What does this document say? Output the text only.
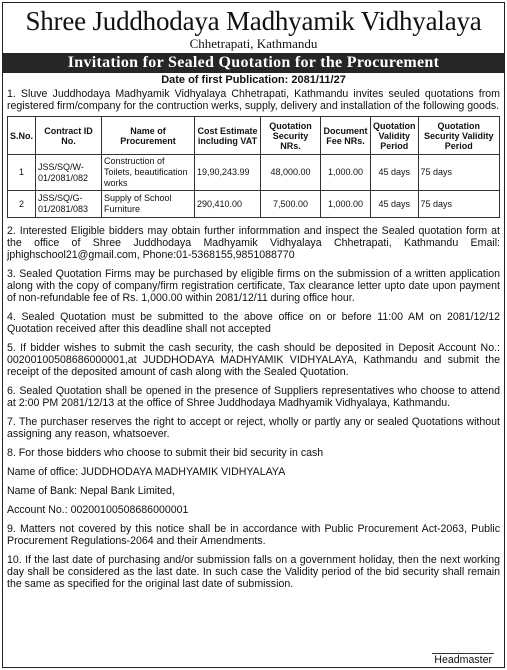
Shree Juddhodaya Madhyamik Vidhyalaya
Chhetrapati, Kathmandu
Invitation for Sealed Quotation for the Procurement
Date of first Publication: 2081/11/27

1. Sluve Juddhodaya Madhyamik Vidhyalaya Chhetrapati, Kathmandu invites seuled quotations from registered firm/company for the contruction werks, supply, delivery and installation of the following goods.

S.No.	Contract ID No.	Name of Procurement	Cost Estimate including VAT	Quotation Security NRs.	Document Fee NRs.	Quotation Validity Period	Quotation Security Validity Period
1	JSS/SQ/W-01/2081/082	Construction of Toilets, beautification works	19,90,243.99	48,000.00	1,000.00	45 days	75 days
2	JSS/SQ/G-01/2081/083	Supply of School Furniture	290,410.00	7,500.00	1,000.00	45 days	75 days

2. Interested Eligible bidders may obtain further informmation and inspect the Sealed quotation form at the office of Shree Juddhodaya Madhyamik Vidhyalaya Chhetrapati, Kathmandu Email: jphighschool21@gmail.com, Phone:01-5368155,9851088770

3. Sealed Quotation Firms may be purchased by eligible firms on the submission of a written application along with the copy of company/firm registration certificate, Tax clearance letter upto date upon payment of non-refundable fee of Rs. 1,000.00 within 2081/12/11 during office hour.

4. Sealed Quotation must be submitted to the above office on or before 11:00 AM on 2081/12/12 Quotation received after this deadline shall not accepted

5. If bidder wishes to submit the cash security, the cash should be deposited in Deposit Account No.: 00200100508686000001,at JUDDHODAYA MADHYAMIK VIDHYALAYA, Kathmandu and submit the receipt of the deposited amount of cash along with the Sealed Quotation.

6. Sealed Quotation shall be opened in the presence of Suppliers representatives who choose to attend at 2:00 PM 2081/12/13 at the office of Shree Juddhodaya Madhyamik Vidhyalaya, Kathmandu.

7. The purchaser reserves the right to accept or reject, wholly or partly any or sealed Quotations without assigning any reason, whatsoever.

8. For those bidders who choose to submit their bid security in cash

Name of office: JUDDHODAYA MADHYAMIK VIDHYALAYA

Name of Bank: Nepal Bank Limited,

Account No.: 00200100508686000001

9. Matters not covered by this notice shall be in accordance with Public Procurement Act-2063, Public Procurement Regulations-2064 and their Amendments.

10. If the last date of purchasing and/or submission falls on a government holiday, then the next working day shall be considered as the last date. In such case the Validity period of the bid security shall remain the same as specified for the original last date of submission.

Headmaster
